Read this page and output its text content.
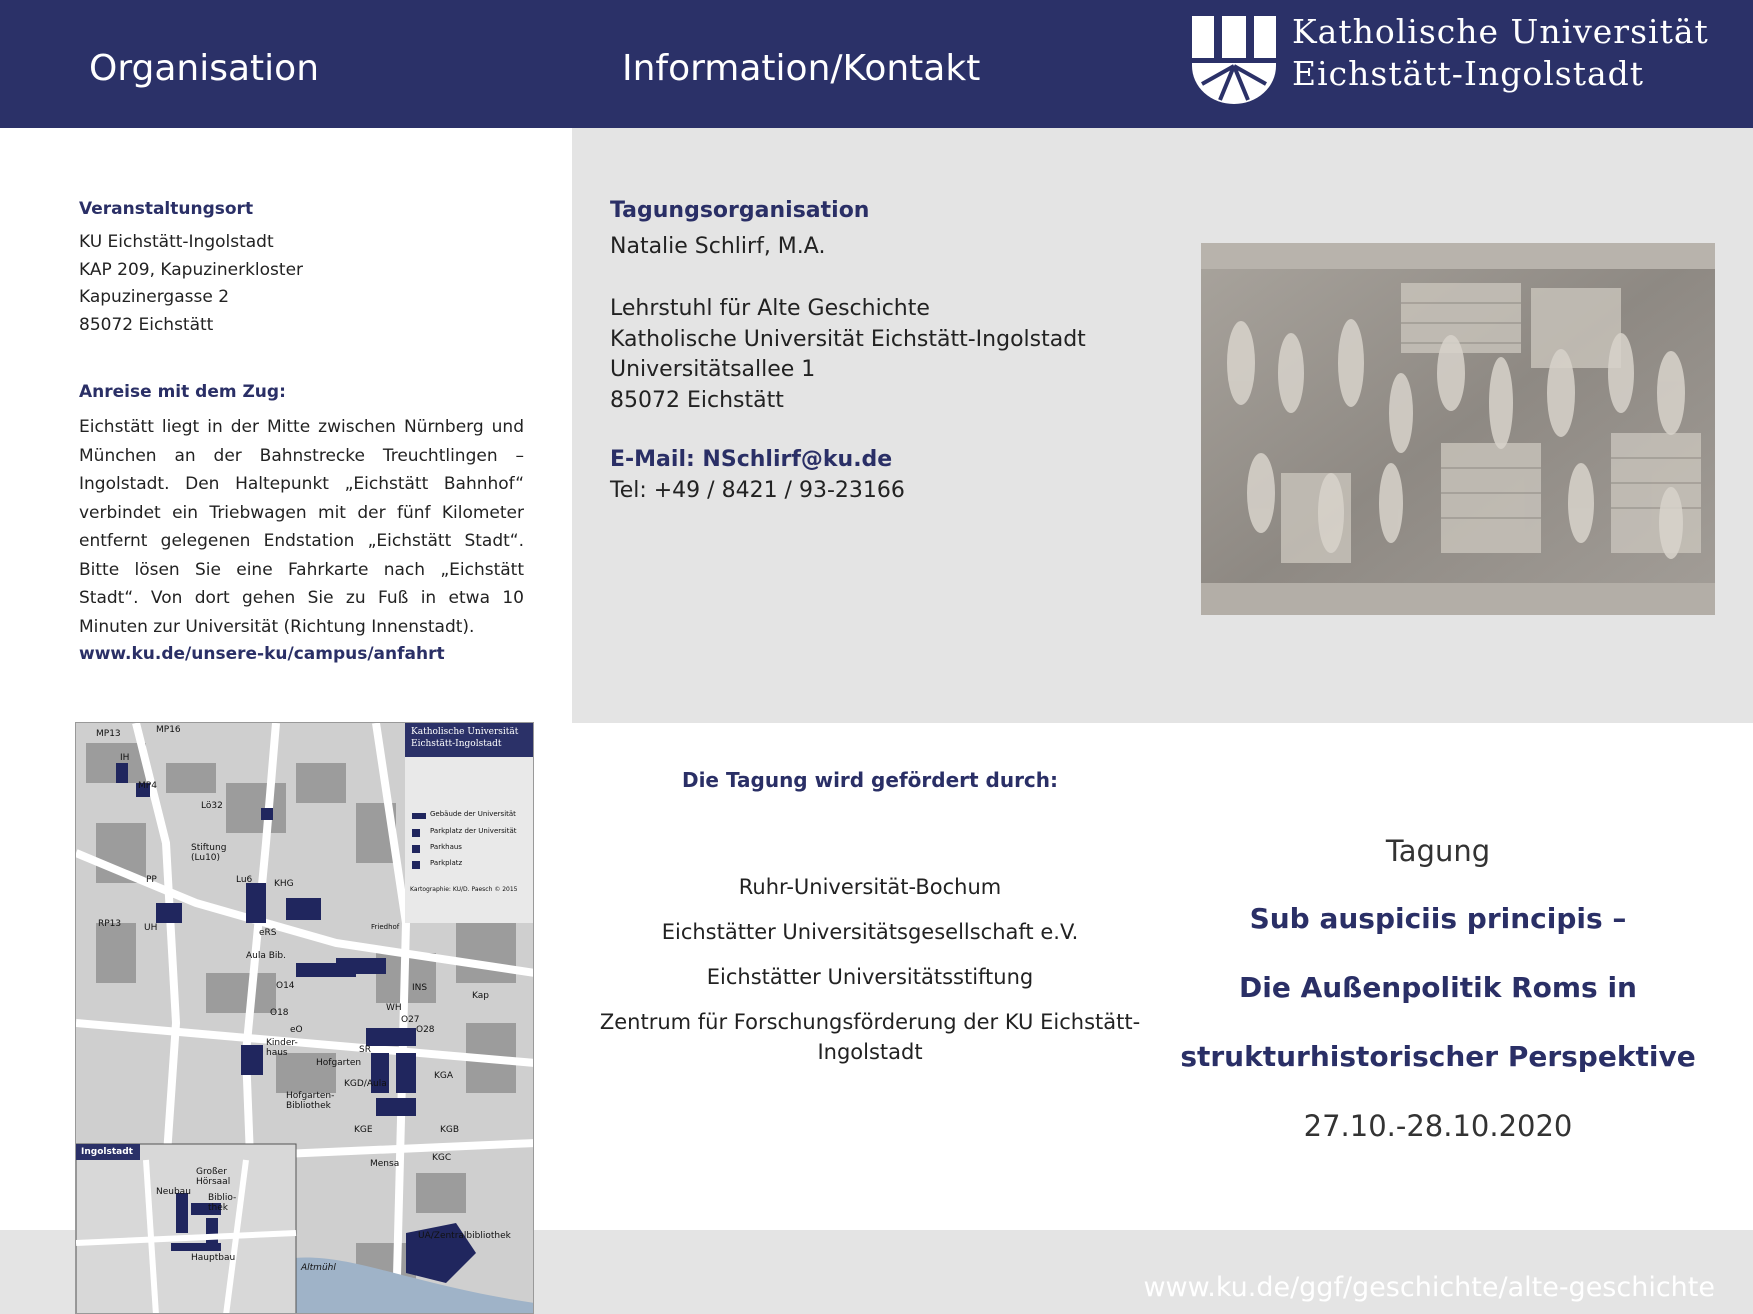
Organisation	Information/Kontakt
Katholische Universität
Eichstätt-Ingolstadt
Veranstaltungsort
KU Eichstätt-Ingolstadt
KAP 209, Kapuzinerkloster
Kapuzinergasse 2
85072 Eichstätt
Anreise mit dem Zug:
Eichstätt liegt in der Mitte zwischen Nürnberg und München an der Bahnstrecke Treuchtlingen – Ingolstadt. Den Haltepunkt „Eichstätt Bahnhof“ verbindet ein Triebwagen mit der fünf Kilometer entfernt gelegenen Endstation „Eichstätt Stadt“. Bitte lösen Sie eine Fahrkarte nach „Eichstätt Stadt“. Von dort gehen Sie zu Fuß in etwa 10 Minuten zur Universität (Richtung Innenstadt).
www.ku.de/unsere-ku/campus/anfahrt
Tagungsorganisation
Natalie Schlirf, M.A.
Lehrstuhl für Alte Geschichte
Katholische Universität Eichstätt-Ingolstadt
Universitätsallee 1
85072 Eichstätt
E-Mail: NSchlirf@ku.de
Tel: +49 / 8421 / 93-23166
Die Tagung wird gefördert durch:
Ruhr-Universität-Bochum
Eichstätter Universitätsgesellschaft e.V.
Eichstätter Universitätsstiftung
Zentrum für Forschungsförderung der KU Eichstätt-Ingolstadt
Tagung
Sub auspiciis principis –
Die Außenpolitik Roms in
strukturhistorischer Perspektive
27.10.-28.10.2020
www.ku.de/ggf/geschichte/alte-geschichte
Katholische Universität
Eichstätt-Ingolstadt
Gebäude der Universität
Parkplatz der Universität
Parkhaus
Parkplatz
Kartographie: KU/D. Paesch © 2015
Ingolstadt
MP13	MP16
IH
MP4
Lö32
Stiftung (Lu10)
RP13
PP	Lu6 KHG
UH	eRS
Aula Bib.
O14	INS
O18
eO
WH
O27
O28
Kap
Kinder-haus	SR
Hofgarten
KGD/Aula
KGA
Hofgarten-Bibliothek
KGE	KGB
KGC
Mensa
UA/Zentralbibliothek
Altmühl
Friedhof
Neubau
Großer Hörsaal
Biblio-thek
Hauptbau
